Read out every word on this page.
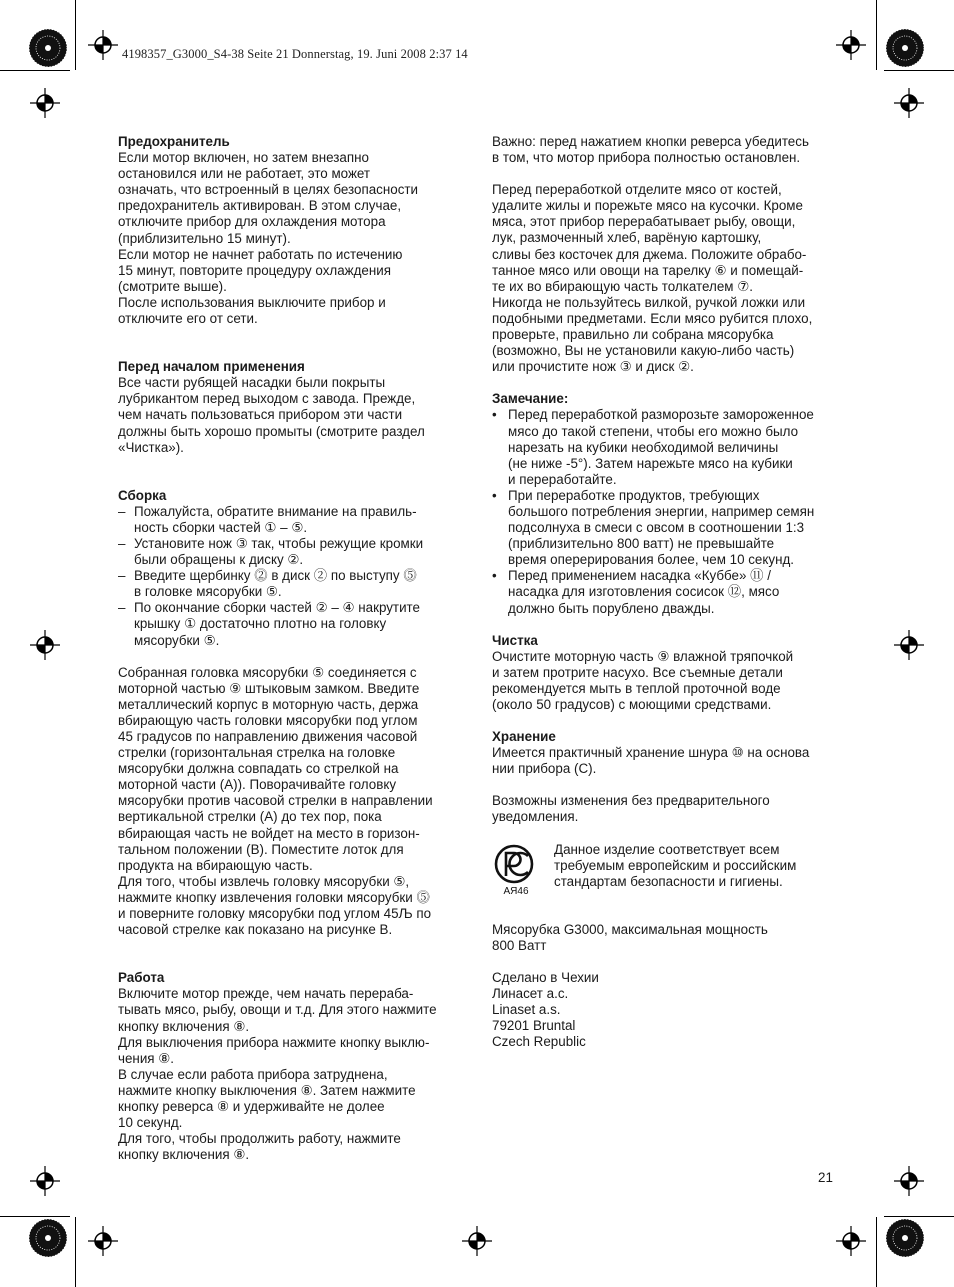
4198357_G3000_S4-38 Seite 21 Donnerstag, 19. Juni 2008 2:37 14
Предохранитель
Если мотор включен, но затем внезапно
остановился или не работает, это может
означать, что встроенный в целях безопасности
предохранитель активирован. В этом случае,
отключите прибор для охлаждения мотора
(приблизительно 15 минут).
Если мотор не начнет работать по истечению
15 минут, повторите процедуру охлаждения
(смотрите выше).
После использования выключите прибор и
отключите его от сети.
Перед началом применения
Все части рубящей насадки были покрыты
лубрикантом перед выходом с завода. Прежде,
чем начать пользоваться прибором эти части
должны быть хорошо промыты (смотрите раздел
«Чистка»).
Сборка
– Пожалуйста, обратите внимание на правиль-
ность сборки частей ① – ⑤.
– Установите нож ③ так, чтобы режущие кромки
были обращены к диску ②.
– Введите щербинку ⓶ в диск ② по выступу ⓹
в головке мясорубки ⑤.
– По окончание сборки частей ② – ④ накрутите
крышку ① достаточно плотно на головку
мясорубки ⑤.
Собранная головка мясорубки ⑤ соединяется с
моторной частью ⑨ штыковым замком. Введите
металлический корпус в моторную часть, держа
вбирающую часть головки мясорубки под углом
45 градусов по направлению движения часовой
стрелки (горизонтальная стрелка на головке
мясорубки должна совпадать со стрелкой на
моторной части (А)). Поворачивайте головку
мясорубки против часовой стрелки в направлении
вертикальной стрелки (А) до тех пор, пока
вбирающая часть не войдет на место в горизон-
тальном положении (В). Поместите лоток для
продукта на вбирающую часть.
Для того, чтобы извлечь головку мясорубки ⑤,
нажмите кнопку извлечения головки мясорубки ⓹
и поверните головку мясорубки под углом 45Љ по
часовой стрелке как показано на рисунке В.
Работа
Включите мотор прежде, чем начать перераба-
тывать мясо, рыбу, овощи и т.д. Для этого нажмите
кнопку включения ⑧.
Для выключения прибора нажмите кнопку выклю-
чения ⑧.
В случае если работа прибора затруднена,
нажмите кнопку выключения ⑧. Затем нажмите
кнопку реверса ⑧ и удерживайте не долее
10 секунд.
Для того, чтобы продолжить работу, нажмите
кнопку включения ⑧.
Важно: перед нажатием кнопки реверса убедитесь
в том, что мотор прибора полностью остановлен.
Перед переработкой отделите мясо от костей,
удалите жилы и порежьте мясо на кусочки. Кроме
мяса, этот прибор перерабатывает рыбу, овощи,
лук, размоченный хлеб, варёную картошку,
сливы без косточек для джема. Положите обрабо-
танное мясо или овощи на тарелку ⑥ и помещай-
те их во вбирающую часть толкателем ⑦.
Никогда не пользуйтесь вилкой, ручкой ложки или
подобными предметами. Если мясо рубится плохо,
проверьте, правильно ли собрана мясорубка
(возможно, Вы не установили какую-либо часть)
или прочистите нож ③ и диск ②.
Замечание:
• Перед переработкой разморозьте замороженное
мясо до такой степени, чтобы его можно было
нарезать на кубики необходимой величины
(не ниже -5°). Затем нарежьте мясо на кубики
и переработайте.
• При переработке продуктов, требующих
большого потребления энергии, например семян
подсолнуха в смеси с овсом в соотношении 1:3
(приблизительно 800 ватт) не превышайте
время оперерирования более, чем 10 секунд.
• Перед применением насадка «Куббе» ⑪ /
насадка для изготовления сосисок ⑫, мясо
должно быть порублено дважды.
Чистка
Очистите моторную часть ⑨ влажной тряпочкой
и затем протрите насухо. Все съемные детали
рекомендуется мыть в теплой проточной воде
(около 50 градусов) с моющими средствами.
Хранение
Имеется практичный хранение шнура ⑩ на основа
нии прибора (С).
Возможны изменения без предварительного
уведомления.
АЯ46
Данное изделие соответствует всем
требуемым европейским и российским
стандартам безопасности и гигиены.
Мясорубка G3000, максимальная мощность
800 Ватт
Сделано в Чехии
Линасет а.с.
Linaset a.s.
79201 Bruntal
Czech Republic
21
